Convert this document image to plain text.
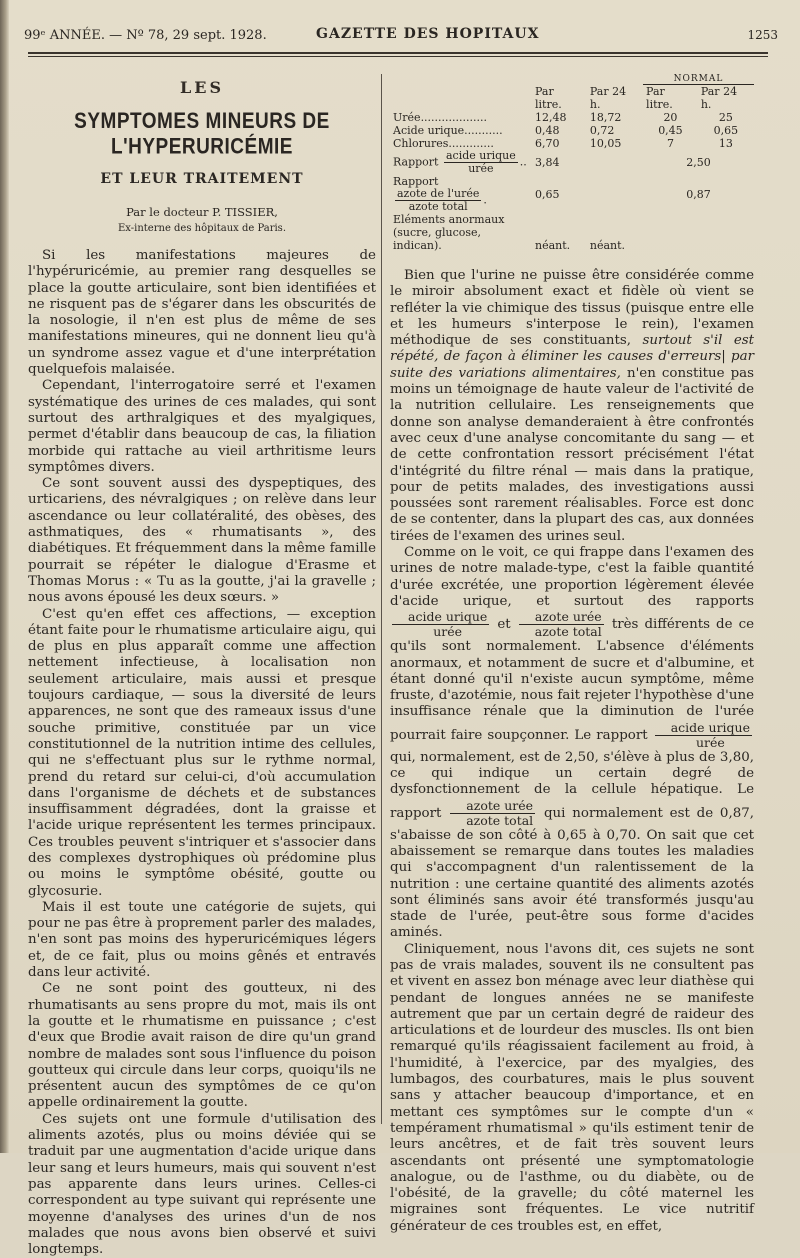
99ᵉ ANNÉE. — Nº 78, 29 sept. 1928.	GAZETTE DES HOPITAUX	1253
LES
SYMPTOMES MINEURS DE L'HYPERURICÉMIE
ET LEUR TRAITEMENT
Par le docteur P. TISSIER,
Ex-interne des hôpitaux de Paris.

Si les manifestations majeures de l'hypéruricémie, au premier rang desquelles se place la goutte articulaire, sont bien identifiées et ne risquent pas de s'égarer dans les obscurités de la nosologie, il n'en est plus de même de ses manifestations mineures, qui ne donnent lieu qu'à un syndrome assez vague et d'une interprétation quelquefois malaisée.

Cependant, l'interrogatoire serré et l'examen systématique des urines de ces malades, qui sont surtout des arthralgiques et des myalgiques, permet d'établir dans beaucoup de cas, la filiation morbide qui rattache au vieil arthritisme leurs symptômes divers.

Ce sont souvent aussi des dyspeptiques, des urticariens, des névralgiques ; on relève dans leur ascendance ou leur collatéralité, des obèses, des asthmatiques, des « rhumatisants », des diabétiques. Et fréquemment dans la même famille pourrait se répéter le dialogue d'Erasme et Thomas Morus : « Tu as la goutte, j'ai la gravelle ; nous avons épousé les deux sœurs. »

C'est qu'en effet ces affections, — exception étant faite pour le rhumatisme articulaire aigu, qui de plus en plus apparaît comme une affection nettement infectieuse, à localisation non seulement articulaire, mais aussi et presque toujours cardiaque, — sous la diversité de leurs apparences, ne sont que des rameaux issus d'une souche primitive, constituée par un vice constitutionnel de la nutrition intime des cellules, qui ne s'effectuant plus sur le rythme normal, prend du retard sur celui-ci, d'où accumulation dans l'organisme de déchets et de substances insuffisamment dégradées, dont la graisse et l'acide urique représentent les termes principaux. Ces troubles peuvent s'intriquer et s'associer dans des complexes dystrophiques où prédomine plus ou moins le symptôme obésité, goutte ou glycosurie.

Mais il est toute une catégorie de sujets, qui pour ne pas être à proprement parler des malades, n'en sont pas moins des hyperuricémiques légers et, de ce fait, plus ou moins gênés et entravés dans leur activité.

Ce ne sont point des goutteux, ni des rhumatisants au sens propre du mot, mais ils ont la goutte et le rhumatisme en puissance ; c'est d'eux que Brodie avait raison de dire qu'un grand nombre de malades sont sous l'influence du poison goutteux qui circule dans leur corps, quoiqu'ils ne présentent aucun des symptômes de ce qu'on appelle ordinairement la goutte.

Ces sujets ont une formule d'utilisation des aliments azotés, plus ou moins déviée qui se traduit par une augmentation d'acide urique dans leur sang et leurs humeurs, mais qui souvent n'est pas apparente dans leurs urines. Celles-ci correspondent au type suivant qui représente une moyenne d'analyses des urines d'un de nos malades que nous avons bien observé et suivi longtemps.

			NORMAL	
	Par litre.	Par 24 h.	Par litre.	Par 24 h.
Urée...................	12,48	18,72	20	25
Acide urique...........	0,48	0,72	0,45	0,65
Chlorures.............	6,70	10,05	7	13
Rapport $\frac{\text{acide urique}}{\text{urée}}$ ..	3,84		2,50	
Rapport
$\frac{\text{azote de l'urée}}{\text{azote total}}$ .	0,65		0,87	
Eléments anormaux (sucre, glucose, indican).	néant.	néant.		

Bien que l'urine ne puisse être considérée comme le miroir absolument exact et fidèle où vient se refléter la vie chimique des tissus (puisque entre elle et les humeurs s'interpose le rein), l'examen méthodique de ses constituants, surtout s'il est répété, de façon à éliminer les causes d'erreurs| par suite des variations alimentaires, n'en constitue pas moins un témoignage de haute valeur de l'activité de la nutrition cellulaire. Les renseignements que donne son analyse demanderaient à être confrontés avec ceux d'une analyse concomitante du sang — et de cette confrontation ressort précisément l'état d'intégrité du filtre rénal — mais dans la pratique, pour de petits malades, des investigations aussi poussées sont rarement réalisables. Force est donc de se contenter, dans la plupart des cas, aux données tirées de l'examen des urines seul.

Comme on le voit, ce qui frappe dans l'examen des urines de notre malade-type, c'est la faible quantité d'urée excrétée, une proportion légèrement élevée d'acide urique, et surtout des rapports
$\frac{\text{acide urique}}{\text{urée}}$ et $\frac{\text{azote urée}}{\text{azote total}}$ très différents de ce qu'ils sont normalement. L'absence d'éléments anormaux, et notamment de sucre et d'albumine, et étant donné qu'il n'existe aucun symptôme, même fruste, d'azotémie, nous fait rejeter l'hypothèse d'une insuffisance rénale que la diminution de l'urée pourrait faire soupçonner. Le rapport $\frac{\text{acide urique}}{\text{urée}}$
qui, normalement, est de 2,50, s'élève à plus de 3,80, ce qui indique un certain degré de dysfonctionnement de la cellule hépatique. Le rapport $\frac{\text{azote urée}}{\text{azote total}}$ qui normalement est de 0,87, s'abaisse de son côté à 0,65 à 0,70. On sait que cet abaissement se remarque dans toutes les maladies qui s'accompagnent d'un ralentissement de la nutrition : une certaine quantité des aliments azotés sont éliminés sans avoir été transformés jusqu'au stade de l'urée, peut-être sous forme d'acides aminés.

Cliniquement, nous l'avons dit, ces sujets ne sont pas de vrais malades, souvent ils ne consultent pas et vivent en assez bon ménage avec leur diathèse qui pendant de longues années ne se manifeste autrement que par un certain degré de raideur des articulations et de lourdeur des muscles. Ils ont bien remarqué qu'ils réagissaient facilement au froid, à l'humidité, à l'exercice, par des myalgies, des lumbagos, des courbatures, mais le plus souvent sans y attacher beaucoup d'importance, et en mettant ces symptômes sur le compte d'un « tempérament rhumatismal » qu'ils estiment tenir de leurs ancêtres, et de fait très souvent leurs ascendants ont présenté une symptomatologie analogue, ou de l'asthme, ou du diabète, ou de l'obésité, de la gravelle; du côté maternel les migraines sont fréquentes. Le vice nutritif générateur de ces troubles est, en effet,
